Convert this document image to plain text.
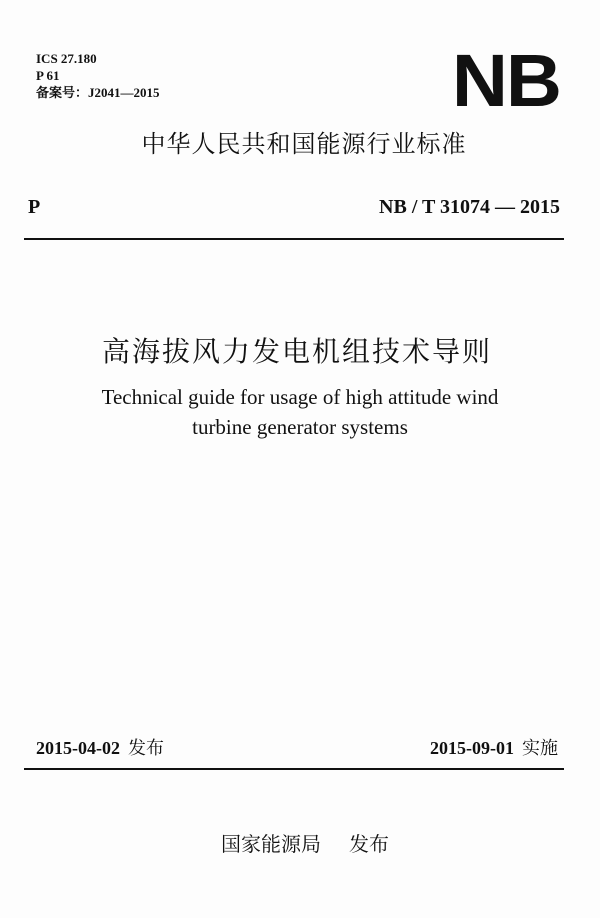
ICS 27.180
P 61
备案号：J2041—2015	NB
中华人民共和国能源行业标准
P	NB / T 31074 — 2015
高海拔风力发电机组技术导则
Technical guide for usage of high attitude wind
turbine generator systems
2015-04-02 发布	2015-09-01 实施
国家能源局 发布
